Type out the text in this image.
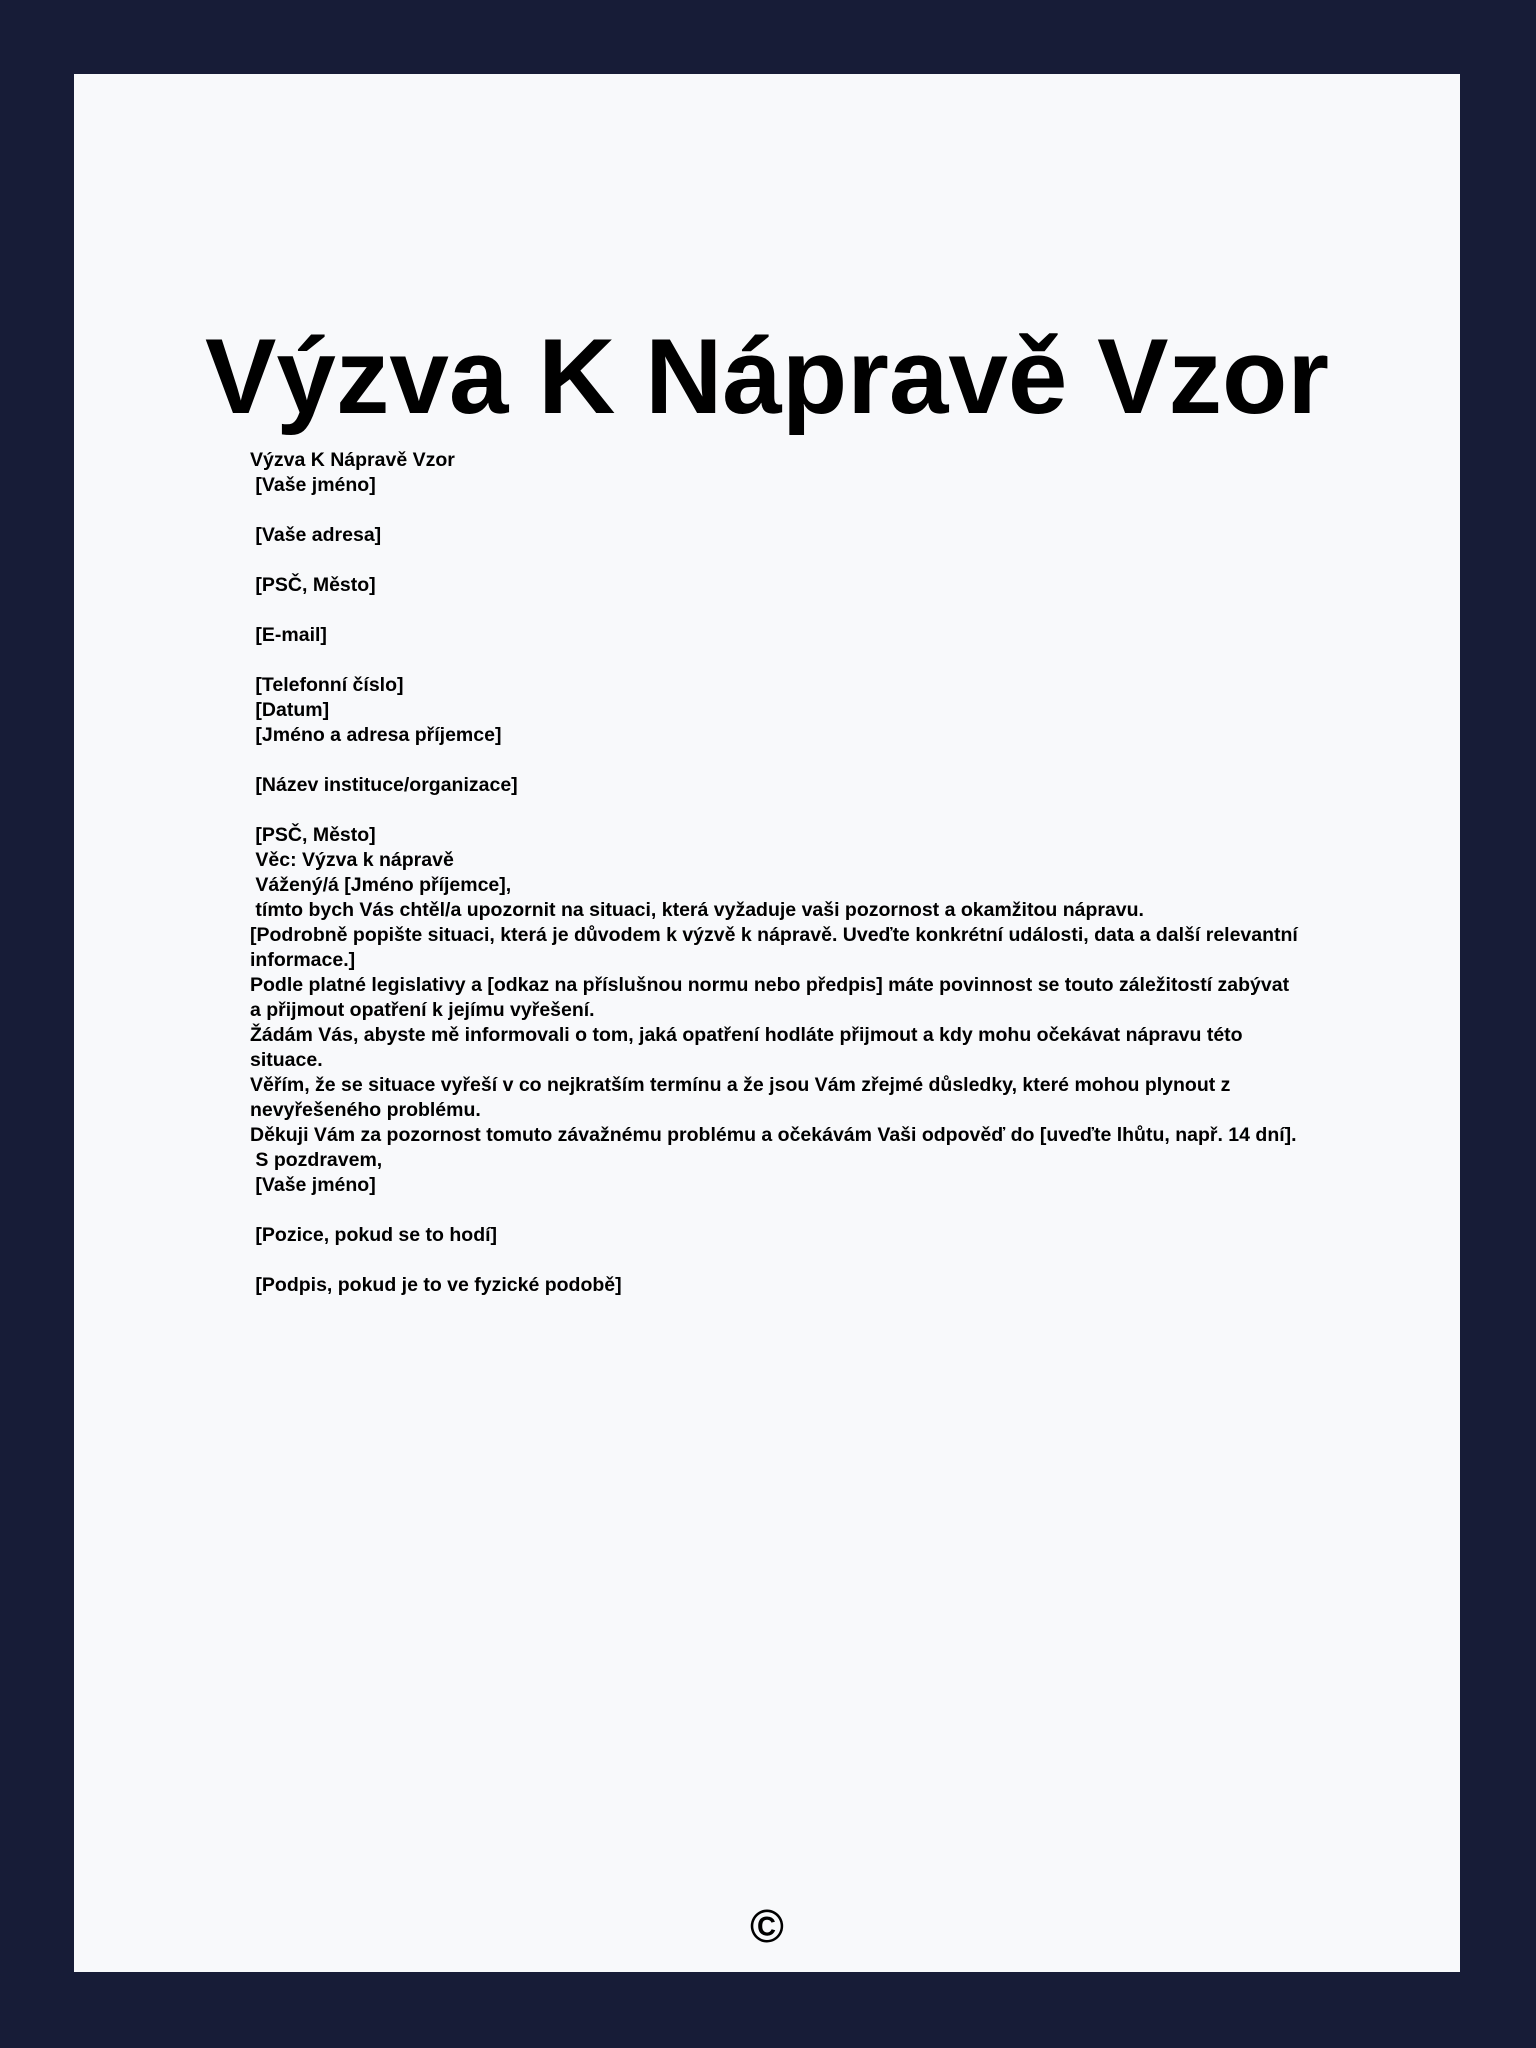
Výzva K Nápravě Vzor
Výzva K Nápravě Vzor
[Vaše jméno]
[Vaše adresa]
[PSČ, Město]
[E-mail]
[Telefonní číslo]
[Datum]
[Jméno a adresa příjemce]
[Název instituce/organizace]
[PSČ, Město]
Věc: Výzva k nápravě
Vážený/á [Jméno příjemce],
tímto bych Vás chtěl/a upozornit na situaci, která vyžaduje vaši pozornost a okamžitou nápravu.
[Podrobně popište situaci, která je důvodem k výzvě k nápravě. Uveďte konkrétní události, data a další relevantní informace.]
Podle platné legislativy a [odkaz na příslušnou normu nebo předpis] máte povinnost se touto záležitostí zabývat a přijmout opatření k jejímu vyřešení.
Žádám Vás, abyste mě informovali o tom, jaká opatření hodláte přijmout a kdy mohu očekávat nápravu této situace.
Věřím, že se situace vyřeší v co nejkratším termínu a že jsou Vám zřejmé důsledky, které mohou plynout z nevyřešeného problému.
Děkuji Vám za pozornost tomuto závažnému problému a očekávám Vaši odpověď do [uveďte lhůtu, např. 14 dní].
S pozdravem,
[Vaše jméno]
[Pozice, pokud se to hodí]
[Podpis, pokud je to ve fyzické podobě]
©
